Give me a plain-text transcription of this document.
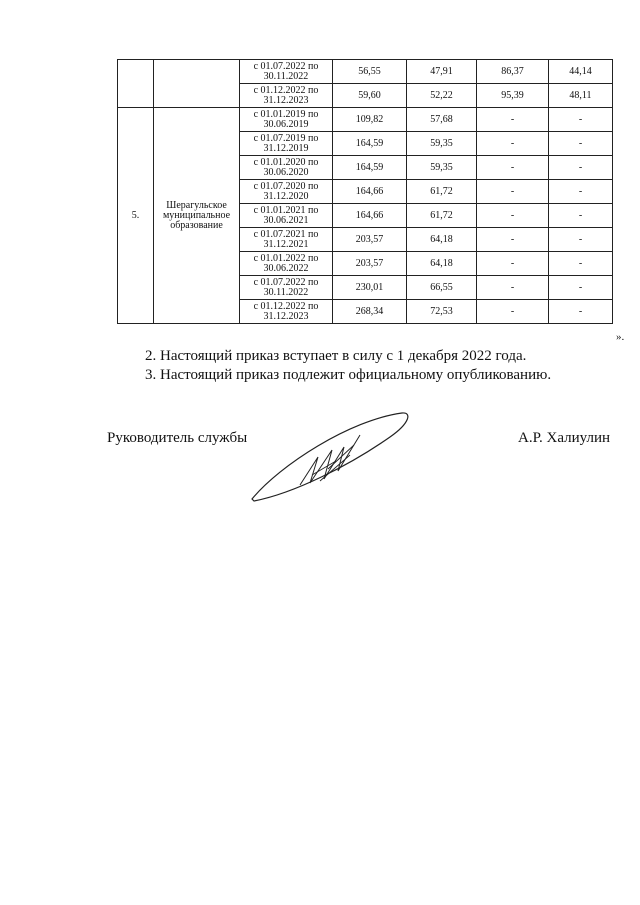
		с 01.07.2022 по 30.11.2022	56,55	47,91	86,37	44,14
		с 01.12.2022 по 31.12.2023	59,60	52,22	95,39	48,11
5.	Шерагульское муниципальное образование	с 01.01.2019 по 30.06.2019	109,82	57,68	-	-
		с 01.07.2019 по 31.12.2019	164,59	59,35	-	-
		с 01.01.2020 по 30.06.2020	164,59	59,35	-	-
		с 01.07.2020 по 31.12.2020	164,66	61,72	-	-
		с 01.01.2021 по 30.06.2021	164,66	61,72	-	-
		с 01.07.2021 по 31.12.2021	203,57	64,18	-	-
		с 01.01.2022 по 30.06.2022	203,57	64,18	-	-
		с 01.07.2022 по 30.11.2022	230,01	66,55	-	-
		с 01.12.2022 по 31.12.2023	268,34	72,53	-	-
».
2. Настоящий приказ вступает в силу с 1 декабря 2022 года.
3. Настоящий приказ подлежит официальному опубликованию.
Руководитель службы	А.Р. Халиулин
